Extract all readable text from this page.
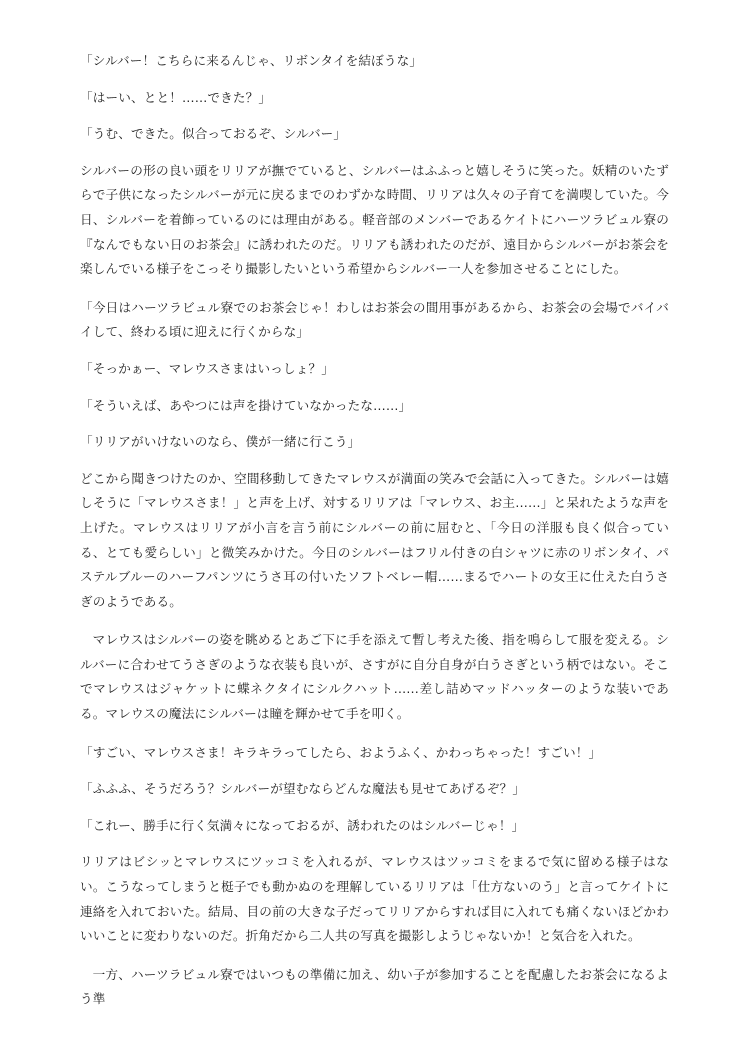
「シルバー！こちらに来るんじゃ、リボンタイを結ぼうな」

「はーい、とと！……できた？」

「うむ、できた。似合っておるぞ、シルバー」

シルバーの形の良い頭をリリアが撫でていると、シルバーはふふっと嬉しそうに笑った。妖精のいたずらで子供になったシルバーが元に戻るまでのわずかな時間、リリアは久々の子育てを満喫していた。今日、シルバーを着飾っているのには理由がある。軽音部のメンバーであるケイトにハーツラビュル寮の『なんでもない日のお茶会』に誘われたのだ。リリアも誘われたのだが、遠目からシルバーがお茶会を楽しんでいる様子をこっそり撮影したいという希望からシルバー一人を参加させることにした。

「今日はハーツラビュル寮でのお茶会じゃ！わしはお茶会の間用事があるから、お茶会の会場でバイバイして、終わる頃に迎えに行くからな」

「そっかぁー、マレウスさまはいっしょ？」

「そういえば、あやつには声を掛けていなかったな……」

「リリアがいけないのなら、僕が一緒に行こう」

どこから聞きつけたのか、空間移動してきたマレウスが満面の笑みで会話に入ってきた。シルバーは嬉しそうに「マレウスさま！」と声を上げ、対するリリアは「マレウス、お主……」と呆れたような声を上げた。マレウスはリリアが小言を言う前にシルバーの前に屈むと、「今日の洋服も良く似合っている、とても愛らしい」と微笑みかけた。今日のシルバーはフリル付きの白シャツに赤のリボンタイ、パステルブルーのハーフパンツにうさ耳の付いたソフトベレー帽……まるでハートの女王に仕えた白うさぎのようである。

マレウスはシルバーの姿を眺めるとあご下に手を添えて暫し考えた後、指を鳴らして服を変える。シルバーに合わせてうさぎのような衣装も良いが、さすがに自分自身が白うさぎという柄ではない。そこでマレウスはジャケットに蝶ネクタイにシルクハット……差し詰めマッドハッターのような装いである。マレウスの魔法にシルバーは瞳を輝かせて手を叩く。

「すごい、マレウスさま！キラキラってしたら、おようふく、かわっちゃった！すごい！」

「ふふふ、そうだろう？シルバーが望むならどんな魔法も見せてあげるぞ？」

「これー、勝手に行く気満々になっておるが、誘われたのはシルバーじゃ！」

リリアはビシッとマレウスにツッコミを入れるが、マレウスはツッコミをまるで気に留める様子はない。こうなってしまうと梃子でも動かぬのを理解しているリリアは「仕方ないのう」と言ってケイトに連絡を入れておいた。結局、目の前の大きな子だってリリアからすれば目に入れても痛くないほどかわいいことに変わりないのだ。折角だから二人共の写真を撮影しようじゃないか！と気合を入れた。

一方、ハーツラビュル寮ではいつもの準備に加え、幼い子が参加することを配慮したお茶会になるよう準
